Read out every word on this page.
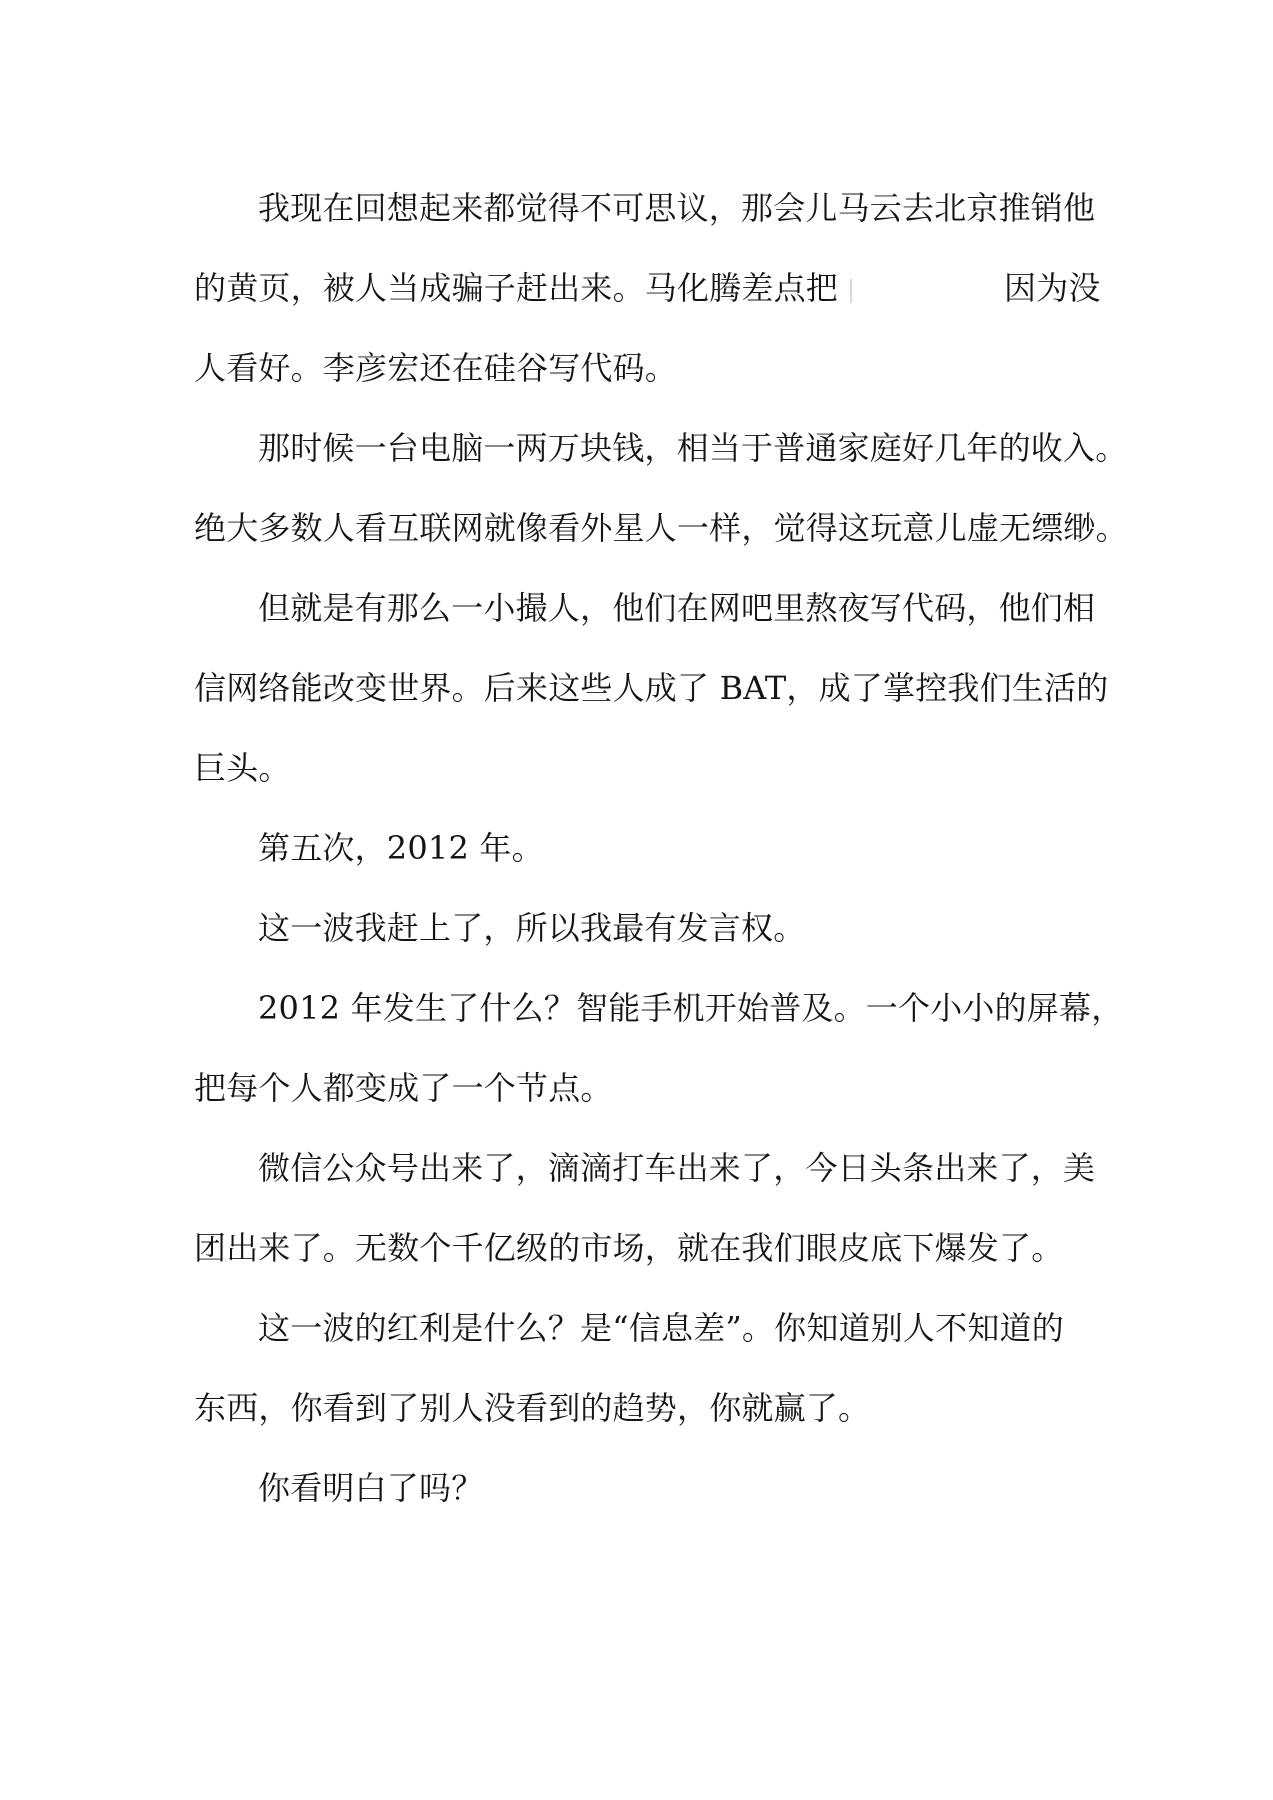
我现在回想起来都觉得不可思议，那会儿马云去北京推销他
的黄页，被人当成骗子赶出来。马化腾差点把	因为没
人看好。李彦宏还在硅谷写代码。

那时候一台电脑一两万块钱，相当于普通家庭好几年的收入。
绝大多数人看互联网就像看外星人一样，觉得这玩意儿虚无缥缈。

但就是有那么一小撮人，他们在网吧里熬夜写代码，他们相
信网络能改变世界。后来这些人成了 BAT，成了掌控我们生活的
巨头。

第五次，2012 年。

这一波我赶上了，所以我最有发言权。

2012 年发生了什么？智能手机开始普及。一个小小的屏幕，
把每个人都变成了一个节点。

微信公众号出来了，滴滴打车出来了，今日头条出来了，美
团出来了。无数个千亿级的市场，就在我们眼皮底下爆发了。

这一波的红利是什么？是“信息差”。你知道别人不知道的
东西，你看到了别人没看到的趋势，你就赢了。

你看明白了吗？
